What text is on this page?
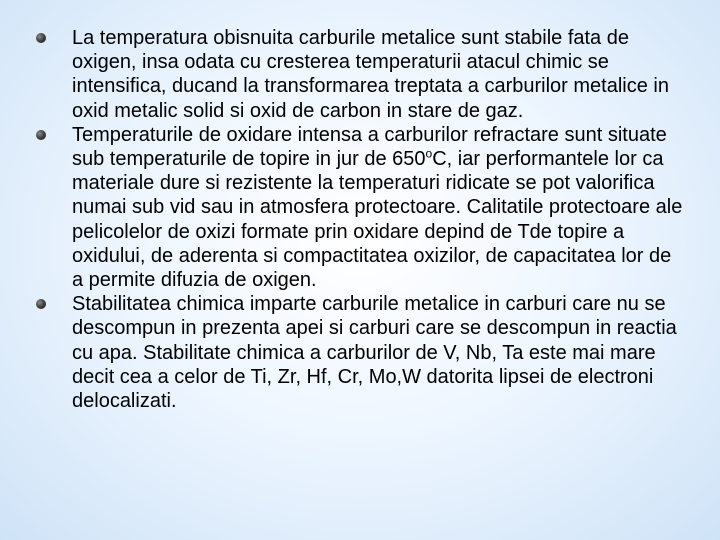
La temperatura obisnuita carburile metalice sunt stabile fata de oxigen, insa odata cu cresterea temperaturii atacul chimic se intensifica, ducand la transformarea treptata a carburilor metalice in oxid metalic solid si oxid de carbon in stare de gaz.
Temperaturile de oxidare intensa a carburilor refractare sunt situate sub temperaturile de topire in jur de 650$^o$C, iar performantele lor ca materiale dure si rezistente la temperaturi ridicate se pot valorifica numai sub vid sau in atmosfera protectoare. Calitatile protectoare ale pelicolelor de oxizi formate prin oxidare depind de Tde topire a oxidului, de aderenta si compactitatea oxizilor, de capacitatea lor de a permite difuzia de oxigen.
Stabilitatea chimica imparte carburile metalice in carburi care nu se descompun in prezenta apei si carburi care se descompun in reactia cu apa. Stabilitate chimica a carburilor de V, Nb, Ta este mai mare decit cea a celor de Ti, Zr, Hf, Cr, Mo,W datorita lipsei de electroni delocalizati.
